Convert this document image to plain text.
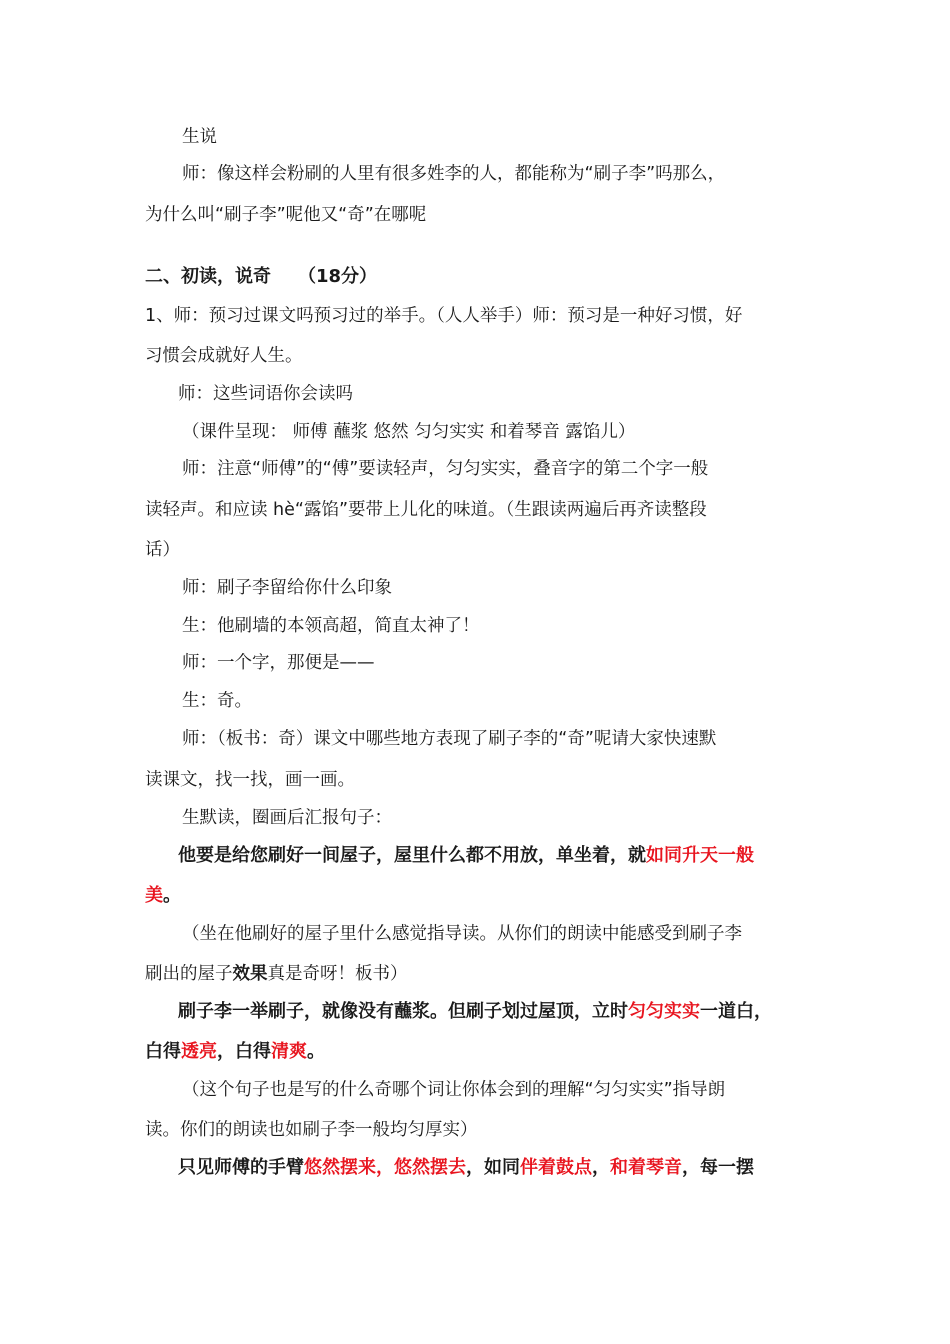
生说

师：像这样会粉刷的人里有很多姓李的人，都能称为“刷子李”吗那么，

为什么叫“刷子李”呢他又“奇”在哪呢

二、初读，说奇　　（18分）

1、师：预习过课文吗预习过的举手。（人人举手）师：预习是一种好习惯，好

习惯会成就好人生。

师：这些词语你会读吗

（课件呈现： 师傅 蘸浆 悠然 匀匀实实 和着琴音 露馅儿）

师：注意“师傅”的“傅”要读轻声，匀匀实实，叠音字的第二个字一般

读轻声。和应读 hè“露馅”要带上儿化的味道。（生跟读两遍后再齐读整段

话）

师：刷子李留给你什么印象

生：他刷墙的本领高超，简直太神了！

师：一个字，那便是——

生：奇。

师：（板书：奇）课文中哪些地方表现了刷子李的“奇”呢请大家快速默

读课文，找一找，画一画。

生默读，圈画后汇报句子：

他要是给您刷好一间屋子，屋里什么都不用放，单坐着，就如同升天一般

美。

（坐在他刷好的屋子里什么感觉指导读。从你们的朗读中能感受到刷子李

刷出的屋子效果真是奇呀！板书）

刷子李一举刷子，就像没有蘸浆。但刷子划过屋顶，立时匀匀实实一道白，

白得透亮，白得清爽。

（这个句子也是写的什么奇哪个词让你体会到的理解“匀匀实实”指导朗

读。你们的朗读也如刷子李一般均匀厚实）

只见师傅的手臂悠然摆来，悠然摆去，如同伴着鼓点，和着琴音，每一摆
